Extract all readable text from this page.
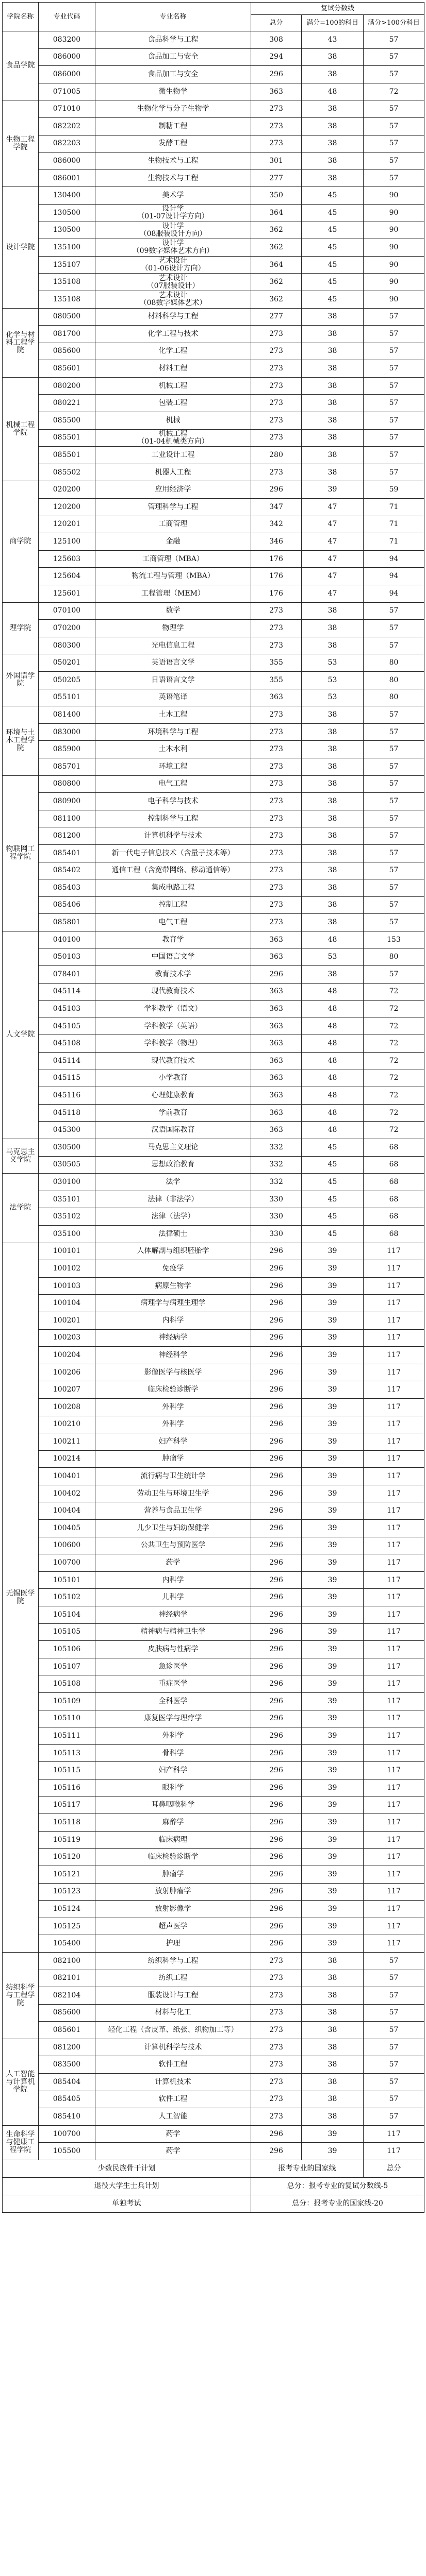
学院名称	专业代码	专业名称	复试分数线		
			总分	满分=100的科目	满分>100分科目
食品学院	083200	食品科学与工程	308	43	57
	086000	食品加工与安全	294	38	57
	086000	食品加工与安全	296	38	57
	071005	微生物学	363	48	72
生物工程学院	071010	生物化学与分子生物学	273	38	57
	082202	制糖工程	273	38	57
	082203	发酵工程	273	38	57
	086000	生物技术与工程	301	38	57
	086001	生物技术与工程	277	38	57
设计学院	130400	美术学	350	45	90
	130500	设计学
（01-07设计学方向）	364	45	90
	130500	设计学
（08服装设计方向）	362	45	90
	135100	设计学
（09数字媒体艺术方向）	362	45	90
	135107	艺术设计
（01-06设计方向）	364	45	90
	135108	艺术设计
（07服装设计）	362	45	90
	135108	艺术设计
（08数字媒体艺术）	362	45	90
化学与材料工程学院	080500	材料科学与工程	277	38	57
	081700	化学工程与技术	273	38	57
	085600	化学工程	273	38	57
	085601	材料工程	273	38	57
机械工程学院	080200	机械工程	273	38	57
	080221	包装工程	273	38	57
	085500	机械	273	38	57
	085501	机械工程
（01-04机械类方向）	273	38	57
	085501	工业设计工程	280	38	57
	085502	机器人工程	273	38	57
商学院	020200	应用经济学	296	39	59
	120200	管理科学与工程	347	47	71
	120201	工商管理	342	47	71
	125100	金融	346	47	71
	125603	工商管理（MBA）	176	47	94
	125604	物流工程与管理（MBA）	176	47	94
	125601	工程管理（MEM）	176	47	94
理学院	070100	数学	273	38	57
	070200	物理学	273	38	57
	080300	光电信息工程	273	38	57
外国语学院	050201	英语语言文学	355	53	80
	050205	日语语言文学	355	53	80
	055101	英语笔译	363	53	80
环境与土木工程学院	081400	土木工程	273	38	57
	083000	环境科学与工程	273	38	57
	085900	土木水利	273	38	57
	085701	环境工程	273	38	57
物联网工程学院	080800	电气工程	273	38	57
	080900	电子科学与技术	273	38	57
	081100	控制科学与工程	273	38	57
	081200	计算机科学与技术	273	38	57
	085401	新一代电子信息技术（含量子技术等）	273	38	57
	085402	通信工程（含宽带网络、移动通信等）	273	38	57
	085403	集成电路工程	273	38	57
	085406	控制工程	273	38	57
	085801	电气工程	273	38	57
人文学院	040100	教育学	363	48	153
	050103	中国语言文学	363	53	80
	078401	教育技术学	296	38	57
	045114	现代教育技术	363	48	72
	045103	学科教学（语文）	363	48	72
	045105	学科教学（英语）	363	48	72
	045108	学科教学（物理）	363	48	72
	045114	现代教育技术	363	48	72
	045115	小学教育	363	48	72
	045116	心理健康教育	363	48	72
	045118	学前教育	363	48	72
	045300	汉语国际教育	363	48	72
马克思主义学院	030500	马克思主义理论	332	45	68
	030505	思想政治教育	332	45	68
法学院	030100	法学	332	45	68
	035101	法律（非法学）	330	45	68
	035102	法律（法学）	330	45	68
	035100	法律硕士	330	45	68
无锡医学院	100101	人体解剖与组织胚胎学	296	39	117
	100102	免疫学	296	39	117
	100103	病原生物学	296	39	117
	100104	病理学与病理生理学	296	39	117
	100201	内科学	296	39	117
	100203	神经病学	296	39	117
	100204	神经科学	296	39	117
	100206	影像医学与核医学	296	39	117
	100207	临床检验诊断学	296	39	117
	100208	外科学	296	39	117
	100210	外科学	296	39	117
	100211	妇产科学	296	39	117
	100214	肿瘤学	296	39	117
	100401	流行病与卫生统计学	296	39	117
	100402	劳动卫生与环境卫生学	296	39	117
	100404	营养与食品卫生学	296	39	117
	100405	儿少卫生与妇幼保健学	296	39	117
	100600	公共卫生与预防医学	296	39	117
	100700	药学	296	39	117
	105101	内科学	296	39	117
	105102	儿科学	296	39	117
	105104	神经病学	296	39	117
	105105	精神病与精神卫生学	296	39	117
	105106	皮肤病与性病学	296	39	117
	105107	急诊医学	296	39	117
	105108	重症医学	296	39	117
	105109	全科医学	296	39	117
	105110	康复医学与理疗学	296	39	117
	105111	外科学	296	39	117
	105113	骨科学	296	39	117
	105115	妇产科学	296	39	117
	105116	眼科学	296	39	117
	105117	耳鼻咽喉科学	296	39	117
	105118	麻醉学	296	39	117
	105119	临床病理	296	39	117
	105120	临床检验诊断学	296	39	117
	105121	肿瘤学	296	39	117
	105123	放射肿瘤学	296	39	117
	105124	放射影像学	296	39	117
	105125	超声医学	296	39	117
	105400	护理	296	39	117
纺织科学与工程学院	082100	纺织科学与工程	273	38	57
	082101	纺织工程	273	38	57
	082104	服装设计与工程	273	38	57
	085600	材料与化工	273	38	57
	085601	轻化工程（含皮革、纸张、织物加工等）	273	38	57
人工智能与计算机学院	081200	计算机科学与技术	273	38	57
	083500	软件工程	273	38	57
	085404	计算机技术	273	38	57
	085405	软件工程	273	38	57
	085410	人工智能	273	38	57
生命科学与健康工程学院	100700	药学	296	39	117
	105500	药学	296	39	117
少数民族骨干计划			报考专业的国家线		总分
退役大学生士兵计划			总分：报考专业的复试分数线-5		
单独考试			总分：报考专业的国家线-20		
